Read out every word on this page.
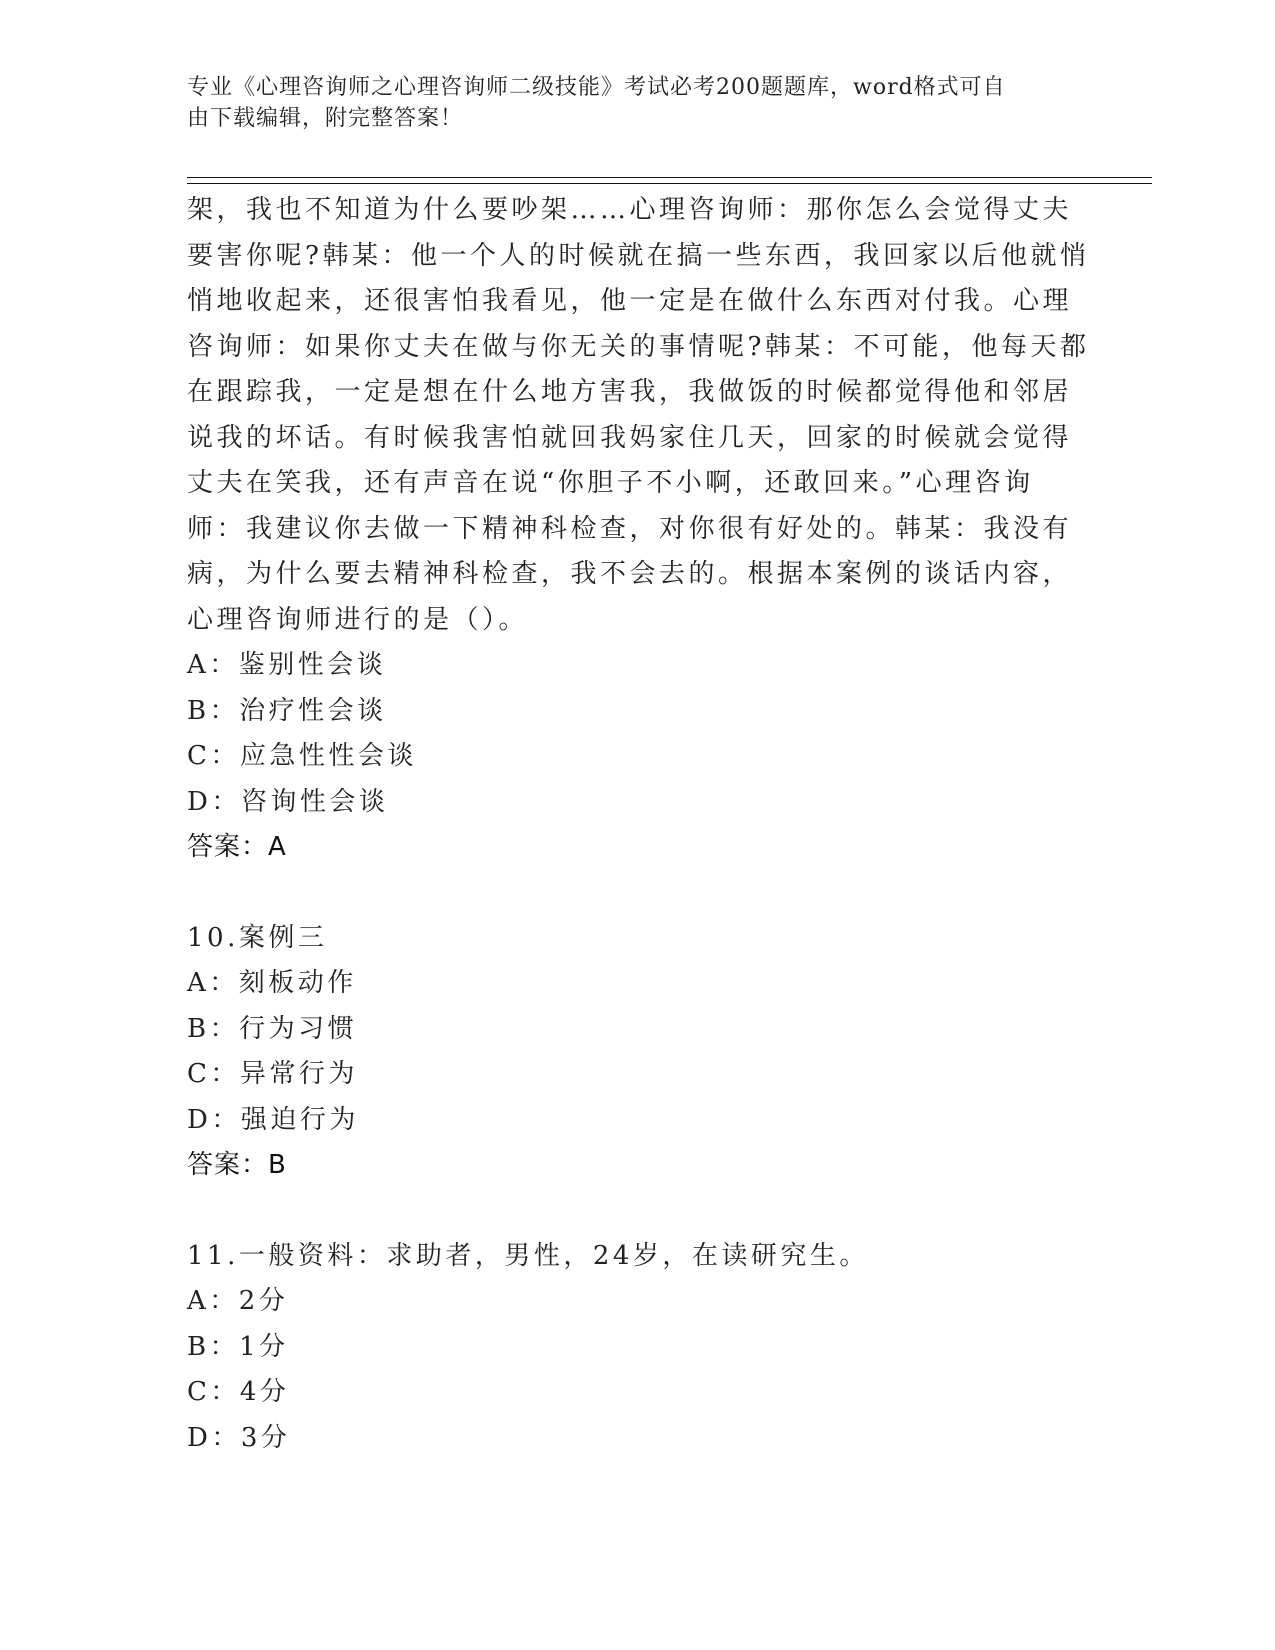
专业《心理咨询师之心理咨询师二级技能》考试必考200题题库，word格式可自
由下载编辑，附完整答案！
架，我也不知道为什么要吵架……心理咨询师：那你怎么会觉得丈夫
要害你呢?韩某：他一个人的时候就在搞一些东西，我回家以后他就悄
悄地收起来，还很害怕我看见，他一定是在做什么东西对付我。心理
咨询师：如果你丈夫在做与你无关的事情呢?韩某：不可能，他每天都
在跟踪我，一定是想在什么地方害我，我做饭的时候都觉得他和邻居
说我的坏话。有时候我害怕就回我妈家住几天，回家的时候就会觉得
丈夫在笑我，还有声音在说“你胆子不小啊，还敢回来。”心理咨询
师：我建议你去做一下精神科检查，对你很有好处的。韩某：我没有
病，为什么要去精神科检查，我不会去的。根据本案例的谈话内容，
心理咨询师进行的是（）。
A：鉴别性会谈
B：治疗性会谈
C：应急性性会谈
D：咨询性会谈
答案：A
10.案例三
A：刻板动作
B：行为习惯
C：异常行为
D：强迫行为
答案：B
11.一般资料：求助者，男性，24岁，在读研究生。
A：2分
B：1分
C：4分
D：3分
